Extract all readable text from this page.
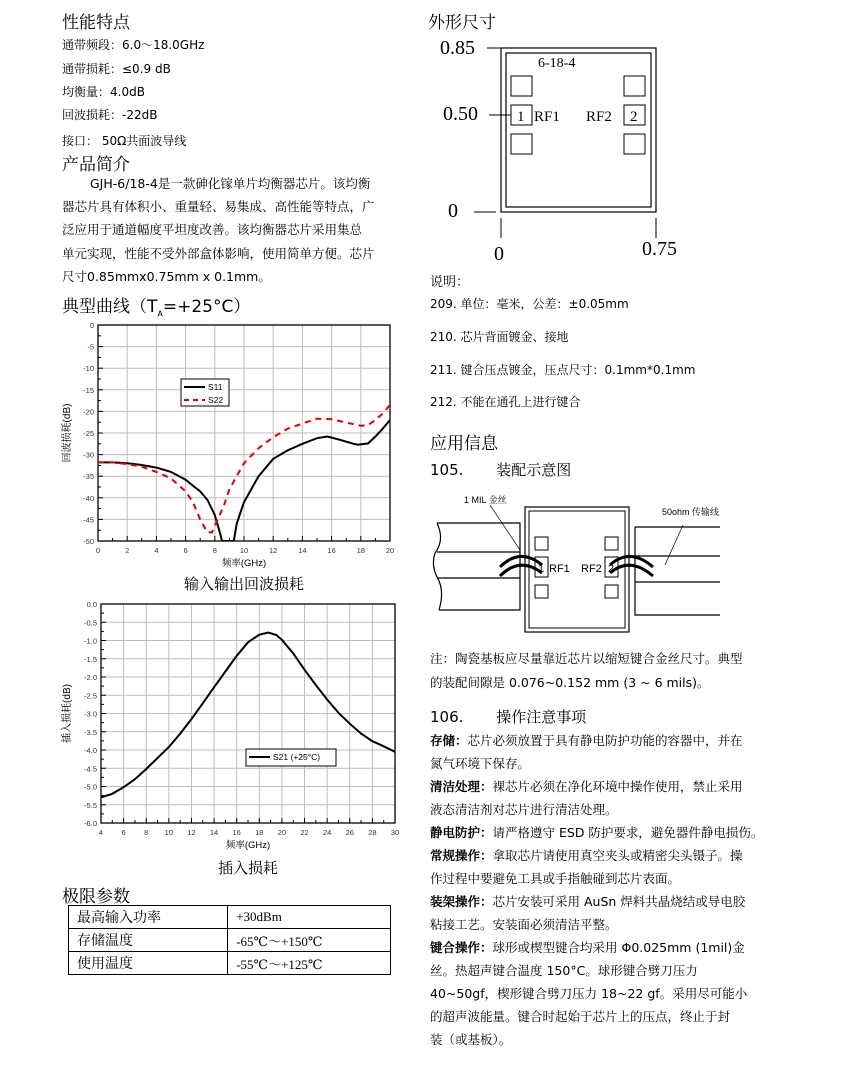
性能特点
通带频段：6.0～18.0GHz
通带损耗：≤0.9 dB
均衡量：4.0dB
回波损耗：-22dB
接口： 50Ω共面波导线
产品简介
GJH-6/18-4是一款砷化镓单片均衡器芯片。该均衡
器芯片具有体积小、重量轻、易集成、高性能等特点，广
泛应用于通道幅度平坦度改善。该均衡器芯片采用集总
单元实现，性能不受外部盒体影响，使用简单方便。芯片
尺寸0.85mmx0.75mm x 0.1mm。
典型曲线$(T_A=+25^\circ C)$
0	2	4	6	8	10	12	14	16	18	20
0
-5
-10
-15
-20
-25
-30
-35
-40
-45
-50
S11
S22
频率(GHz)
回波损耗(dB)
输入输出回波损耗
4 6 8 10 12 14 16 18 20 22 24 26 28 30
0.0
-0.5
-1.0
-1.5
-2.0
-2.5
-3.0
-3.5
-4.0
-4.5
-5.0
-5.5
-6.0
S21 (+25°C)
频率(GHz)
插入损耗(dB)
插入损耗
极限参数
最高输入功率	+30dBm
存储温度	-65℃～+150℃
使用温度	-55℃～+125℃
外形尺寸
0.85
6-18-4
1	2
RF1 RF2
0.50
0
0	0.75
说明：
209. 单位：毫米，公差：±0.05mm
210. 芯片背面镀金、接地
211. 键合压点镀金，压点尺寸：0.1mm*0.1mm
212. 不能在通孔上进行键合
应用信息
105. 装配示意图
1 MIL 金丝
50ohm 传输线
1 RF1 RF2 2
注：陶瓷基板应尽量靠近芯片以缩短键合金丝尺寸。典型
的装配间隙是 0.076~0.152 mm (3 ~ 6 mils)。
106. 操作注意事项
存储：芯片必须放置于具有静电防护功能的容器中，并在
氮气环境下保存。
清洁处理：裸芯片必须在净化环境中操作使用，禁止采用
液态清洁剂对芯片进行清洁处理。
静电防护：请严格遵守 ESD 防护要求，避免器件静电损伤。
常规操作：拿取芯片请使用真空夹头或精密尖头镊子。操
作过程中要避免工具或手指触碰到芯片表面。
装架操作：芯片安装可采用 AuSn 焊料共晶烧结或导电胶
粘接工艺。安装面必须清洁平整。
键合操作：球形或楔型键合均采用 Φ0.025mm (1mil)金
丝。热超声键合温度 150°C。球形键合劈刀压力
40~50gf，楔形键合劈刀压力 18~22 gf。采用尽可能小
的超声波能量。键合时起始于芯片上的压点，终止于封
装（或基板）。
